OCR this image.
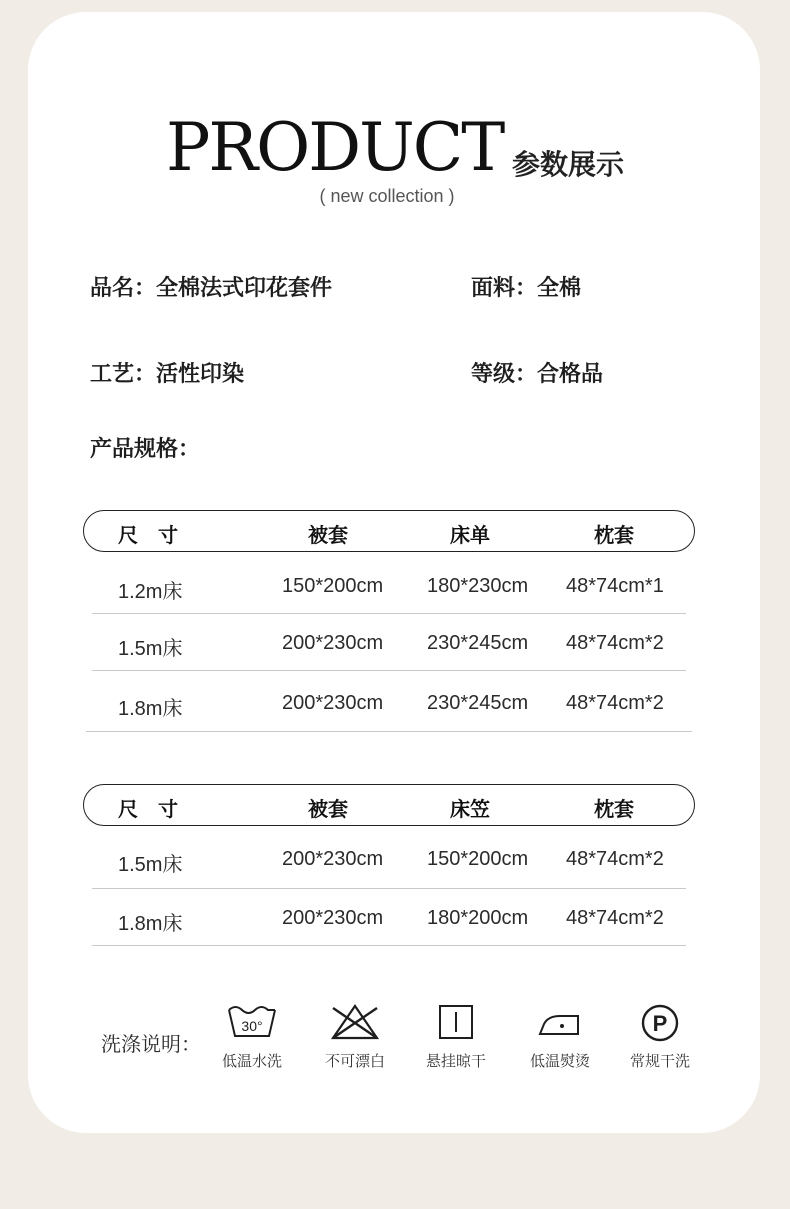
PRODUCT
( new collection )
参数展示
品名：全棉法式印花套件	面料：全棉
工艺：活性印染	等级：合格品
产品规格：
尺　寸	被套	床单	枕套
1.2m床	150*200cm 180*230cm 48*74cm*1
1.5m床	200*230cm 230*245cm 48*74cm*2
1.8m床	200*230cm 230*245cm 48*74cm*2
尺　寸	被套	床笠	枕套
1.5m床	200*230cm 150*200cm 48*74cm*2
1.8m床	200*230cm 180*200cm 48*74cm*2
洗涤说明：
30°
低温水洗	不可漂白	悬挂晾干	低温熨烫
P
常规干洗
